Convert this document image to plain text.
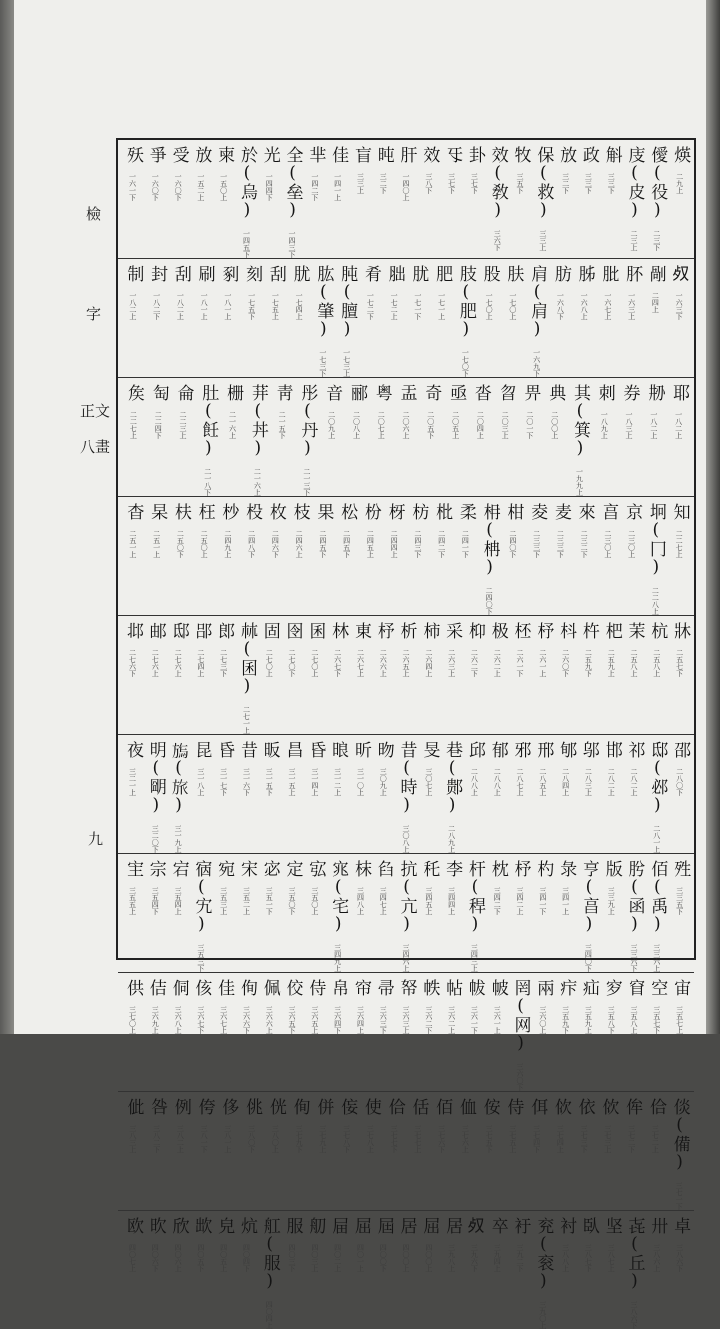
檢
字
正文
八畫
九
煐
二九上
僾(役)
二三下
庋(皮)
二三上
斛
三三下
政
三三下
放
三二下
保(救)
三三上
牧
三五下
效(敎)
三六下
卦
三七下
㸦
三七下
效
三八下
肝
一四〇上
旽
三二下
盲
三三上
佳
一四一上
芈
一四二下
全(垒)
一四三下
光
一四四下
於(烏)
一四五下
柬
一五〇上
放
一五二上
受
一六〇下
爭
一六〇下
殀
一六一下
𣦼
一六三下
剮
二四上
肧
一六三上
肶
一六七上
胏
一六八上
肪
一六八下
肩(肩)
一六九下
肤
一七〇上
股
一七〇上
肢(肥)
一七〇下
肥
一七一上
肬
一七一下
胐
一七二上
肴
一七二下
肫(膻)
一七三上
肱(肇)
一七三下
肬
一七四上
刮
一七五上
刻
一七五下
剢
一八一上
刷
一八一上
刮
一八二上
封
一八二下
制
一八二上
耶
一八二上
刱
一八二上
券
一八三上
刺
一八九上
其(箕)
一九九上
典
二〇〇上
畀
二〇一下
曶
二〇三上
沓
二〇四上
亟
二〇五上
奇
二〇五下
盂
二〇六上
粤
二〇七上
郦
二〇八上
音
二〇九上
彤(丹)
二一三下
靑
二一五下
荓(丼)
二一六上
栅
二一六上
肚(飪)
二一八下
侖
二二三上
匋
二二四下
矦
二二七上
知
二二七上
坰(冂)
二二八上
京
二三〇上
亯
二三〇上
來
二三二下
麦
二三三下
夌
二三三下
柑
二四〇下
枏(柟)
二四〇下
柔
二四一下
枇
二四二下
枋
二四三下
枒
二四四上
枌
二四五上
松
二四五下
果
二四五下
枝
二四六上
枚
二四六下
杸
二四八下
杪
二四九上
枉
二五〇上
枎
二五〇下
杲
二五一上
杳
二五一上
牀
二五七下
杭
二五八上
茉
二五八上
杷
二五九上
杵
二五九下
枓
二六〇下
杼
二六一上
柸
二六一下
极
二六二上
枊
二六二下
采
二六三上
柿
二六四上
析
二六五上
杼
二六六上
東
二六七上
林
二六七下
囷
二七〇上
囹
二七〇下
固
二七〇上
𣏟(囷)
二七一上
郎
二七三下
郘
二七四上
邸
二七六上
邮
二七六上
邶
二七六下
邵
二八〇下
邸(邲)
二八一上
祁
二八二上
邯
二八二上
邬
二八三上
郇
二八四上
邢
二八五上
邪
二八七上
郁
二八八上
邱
二八八上
巷(䣒)
二八九上
旻
三〇七上
昔(時)
三〇八上
昒
三〇九上
昕
三一〇上
㫰
三一二上
昏
三一四上
昌
三一五上
昄
三一五下
昔
三一六下
昏
三一七下
昆
三一八上
𣄊(旅)
三一九上
明(朙)
三二〇下
夜
三二一上
殅
三三五下
佰(禹)
三三六上
肹(函)
三三六下
版
三三九上
亨(亯)
三四〇下
彔
三四一上
杓
三四一下
杼
三四二上
枕
三四二下
杆(稈)
三四三上
李
三四四上
秅
三四五上
抗(亢)
三四六上
臽
三四七上
枺
三四八上
宨(宅)
三四九上
宖
三五〇上
定
三五〇下
宓
三五一下
宋
三五二上
宛
三五三上
㝛(宄)
三五三下
宕
三五四上
宗
三五四下
宔
三五五上
宙
三五七上
空
三五七下
窅
三五八上
穸
三五八下
疝
三五九上
疜
三五九下
兩
三六〇上
罔(网)
三六〇下
帔
三六一上
帗
三六一下
帖
三六二上
帙
三六二下
帑
三六三上
帚
三六三下
帘
三六四上
帛
三六四下
侍
三六五上
佼
三六五下
佩
三六六上
侚
三六六下
佳
三六七上
侅
三六七下
侗
三六八上
佶
三六九上
供
三七〇上
倓(備)
三七一下
佮
三七二上
侔
三七二下
佽
三七三上
依
三七三下
佽
三七四上
佴
三七四下
侍
三七五上
侒
三七五下
侐
三七六上
佰
三七六下
佸
三七七上
佮
三七七下
使
三七八上
侫
三七八下
併
三七九上
侚
三七九下
侊
三八〇上
佻
三八〇下
侈
三八一上
侉
三八一下
例
三八二上
咎
三八二下
佌
三八三上
卓
三八六下
卅
三八六上
㐂(丘)
三八六下
坚
三八七上
臥
三八七下
衬
三八八上
兖(衮)
三九〇上
衧
三九二下
卒
三九四上
𣦼
三九六下
居
三九八上
屈
四〇〇上
居
四〇〇上
屆
四〇〇下
屈
四〇一上
屇
四〇二上
舠
四〇三上
服
四〇三下
舡(服)
四〇四上
炕
四〇四下
皃
四〇五上
欪
四〇五下
欣
四〇六上
欥
四〇六下
欧
四〇七上
